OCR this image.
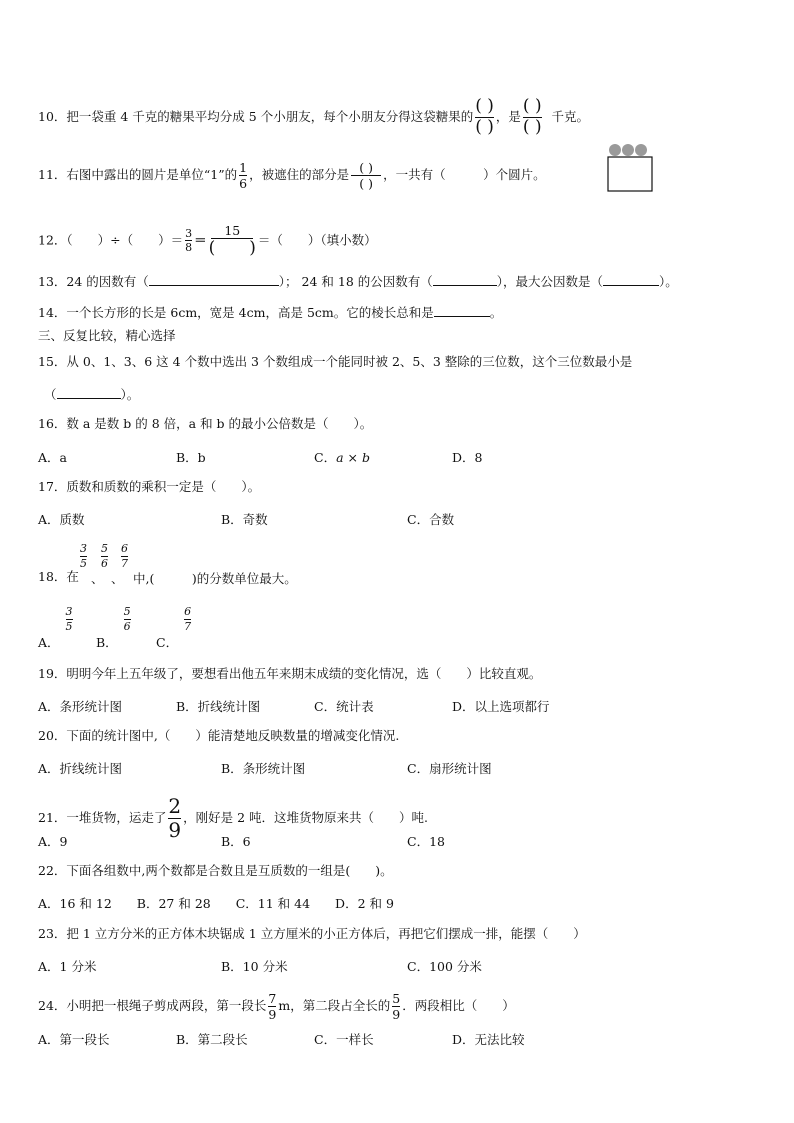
10．把一袋重 4 千克的糖果平均分成 5 个小朋友，每个小朋友分得这袋糖果的 $\frac{( )}{( )}$ ，是 $\frac{( )}{( )}$ 千克。
11．右图中露出的圆片是单位“1”的 $\frac{1}{6}$ ，被遮住的部分是 $\frac{( )}{( )}$ ，一共有（　　　）个圆片。
12．（　　）÷（　　）＝ $\frac{3}{8} = \frac{15}{( )}$ ＝（　　）（填小数）
13．24 的因数有（	）； 24 和 18 的公因数有（	），最大公因数是（	）。
14．一个长方形的长是 6cm，宽是 4cm，高是 5cm。它的棱长总和是	。
三、反复比较，精心选择
15．从 0、1、3、6 这 4 个数中选出 3 个数组成一个能同时被 2、5、3 整除的三位数，这个三位数最小是
（	）。
16．数 a 是数 b 的 8 倍，a 和 b 的最小公倍数是（　　）。
A．a	B．b	C．a × b	D．8
17．质数和质数的乘积一定是（　　）。
A．质数	B．奇数	C．合数
18．在
$\frac{3}{5}$
、
$\frac{5}{6}$
、
$\frac{6}{7}$
中,(　　　)的分数单位最大。
A．
$\frac{3}{5}$
B．
$\frac{5}{6}$
C．
$\frac{6}{7}$
19．明明今年上五年级了，要想看出他五年来期末成绩的变化情况，选（　　）比较直观。
A．条形统计图	B．折线统计图	C．统计表	D．以上选项都行
20．下面的统计图中,（　　）能清楚地反映数量的增减变化情况.
A．折线统计图	B．条形统计图	C．扇形统计图
21．一堆货物，运走了 $\frac{2}{9}$ ，刚好是 2 吨．这堆货物原来共（　　）吨.
A．9	B．6	C．18
22．下面各组数中,两个数都是合数且是互质数的一组是(　　)。
A．16 和 12　　B．27 和 28　　C．11 和 44　　D．2 和 9
23．把 1 立方分米的正方体木块锯成 1 立方厘米的小正方体后，再把它们摆成一排，能摆（　　）
A．1 分米	B．10 分米	C．100 分米
24．小明把一根绳子剪成两段，第一段长 $\frac{7}{9}$ m，第二段占全长的 $\frac{5}{9}$ ．两段相比（　　）
A．第一段长	B．第二段长	C．一样长	D．无法比较
